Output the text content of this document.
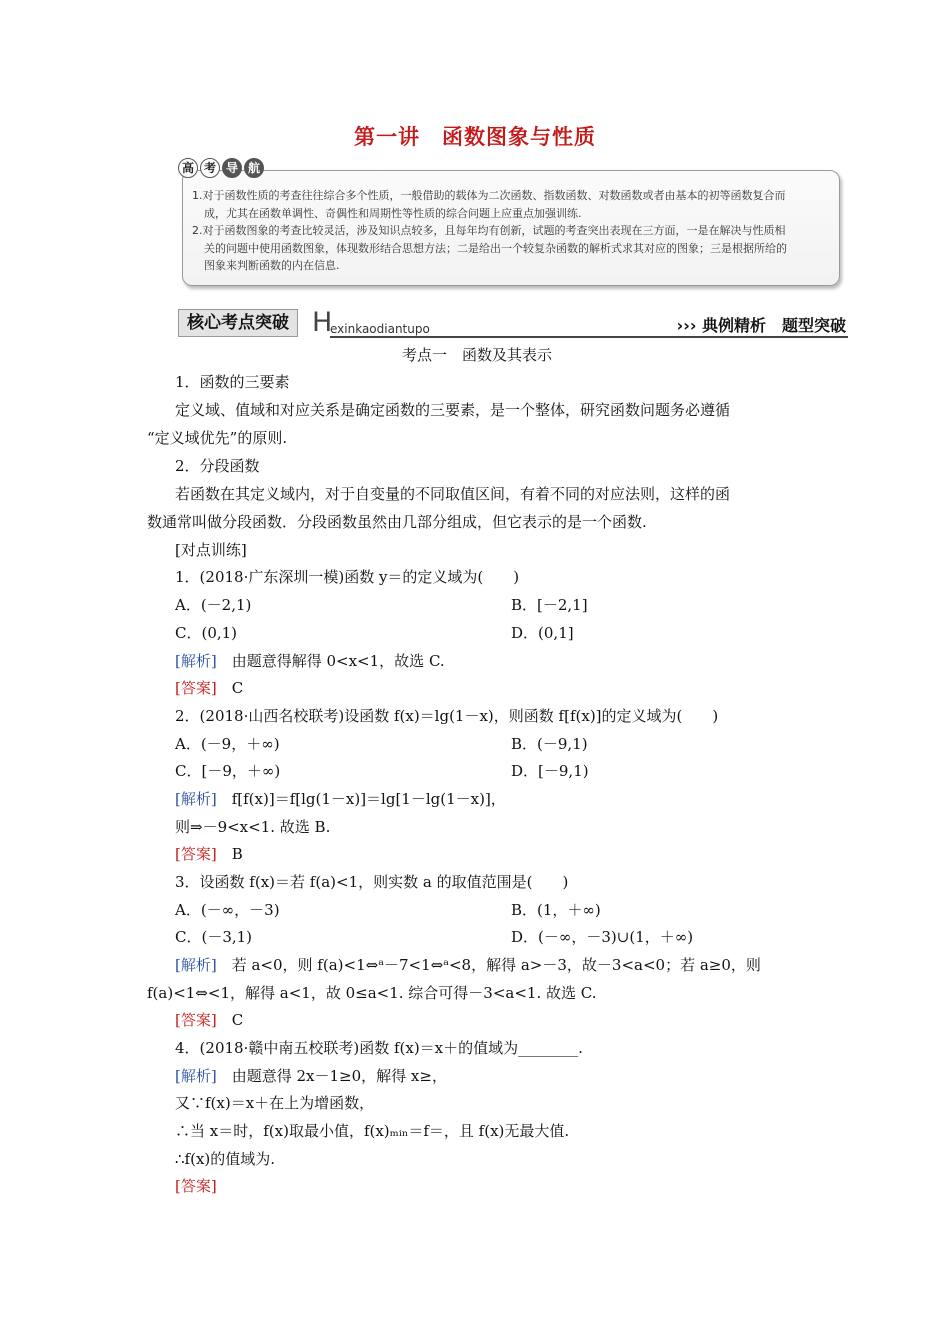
第一讲　函数图象与性质
高 考 导 航

1.对于函数性质的考查往往综合多个性质，一般借助的载体为二次函数、指数函数、对数函数或者由基本的初等函数复合而

成，尤其在函数单调性、奇偶性和周期性等性质的综合问题上应重点加强训练.

2.对于函数图象的考查比较灵活，涉及知识点较多，且每年均有创新，试题的考查突出表现在三方面，一是在解决与性质相

关的问题中使用函数图象，体现数形结合思想方法；二是给出一个较复杂函数的解析式求其对应的图象；三是根据所给的

图象来判断函数的内在信息.

核心考点突破 H
exinkaodiantupo	››› 典例精析　题型突破
考点一　函数及其表示
1．函数的三要素
定义域、值域和对应关系是确定函数的三要素，是一个整体，研究函数问题务必遵循
“定义域优先”的原则.
2．分段函数
若函数在其定义域内，对于自变量的不同取值区间，有着不同的对应法则，这样的函
数通常叫做分段函数．分段函数虽然由几部分组成，但它表示的是一个函数.
[对点训练]
1．(2018·广东深圳一模)函数 y＝的定义域为(　　)
A．(－2,1)	B．[－2,1]
C．(0,1)	D．(0,1]
[解析]　由题意得解得 0<x<1，故选 C.
[答案]　C
2．(2018·山西名校联考)设函数 f(x)＝lg(1－x)，则函数 f[f(x)]的定义域为(　　)
A．(－9，＋∞)	B．(－9,1)
C．[－9，＋∞)	D．[－9,1)
[解析]　f[f(x)]＝f[lg(1－x)]＝lg[1－lg(1－x)]，
则⇒－9<x<1. 故选 B.
[答案]　B
3．设函数 f(x)＝若 f(a)<1，则实数 a 的取值范围是(　　)
A．(－∞，－3)	B．(1，＋∞)
C．(－3,1)	D．(－∞，－3)∪(1，＋∞)
[解析]　若 a<0，则 f(a)<1⇔ᵃ－7<1⇔ᵃ<8，解得 a>－3，故－3<a<0；若 a≥0，则
f(a)<1⇔<1，解得 a<1，故 0≤a<1. 综合可得－3<a<1. 故选 C.
[答案]　C
4．(2018·赣中南五校联考)函数 f(x)＝x＋的值域为________.
[解析]　由题意得 2x－1≥0，解得 x≥，
又∵f(x)＝x＋在上为增函数，
∴当 x＝时，f(x)取最小值，f(x)ₘᵢₙ＝f＝，且 f(x)无最大值.
∴f(x)的值域为.
[答案]
